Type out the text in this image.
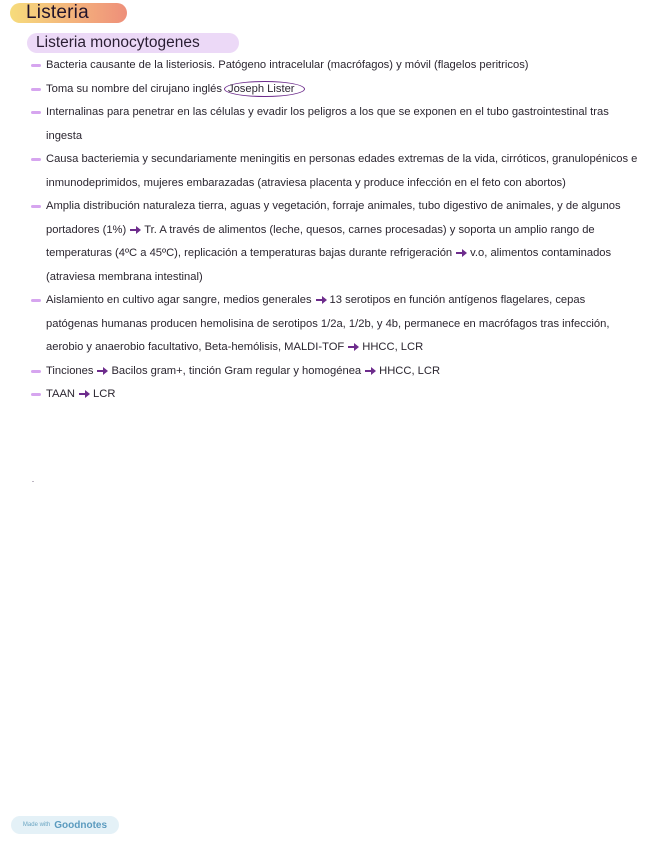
Listeria
Listeria monocytogenes
Bacteria causante de la listeriosis. Patógeno intracelular (macrófagos) y móvil (flagelos peritricos)
Toma su nombre del cirujano inglés Joseph Lister
Internalinas para penetrar en las células y evadir los peligros a los que se exponen en el tubo gastrointestinal tras ingesta
Causa bacteriemia y secundariamente meningitis en personas edades extremas de la vida, cirróticos, granulopénicos e inmunodeprimidos, mujeres embarazadas (atraviesa placenta y produce infección en el feto con abortos)
Amplia distribución naturaleza tierra, aguas y vegetación, forraje animales, tubo digestivo de animales, y de algunos portadores (1%) Tr. A través de alimentos (leche, quesos, carnes procesadas) y soporta un amplio rango de temperaturas (4ºC a 45ºC), replicación a temperaturas bajas durante refrigeración v.o, alimentos contaminados (atraviesa membrana intestinal)
Aislamiento en cultivo agar sangre, medios generales 13 serotipos en función antígenos flagelares, cepas patógenas humanas producen hemolisina de serotipos 1/2a, 1/2b, y 4b, permanece en macrófagos tras infección, aerobio y anaerobio facultativo, Beta-hemólisis, MALDI-TOF HHCC, LCR
Tinciones Bacilos gram+, tinción Gram regular y homogénea HHCC, LCR
TAAN LCR
Made with Goodnotes
